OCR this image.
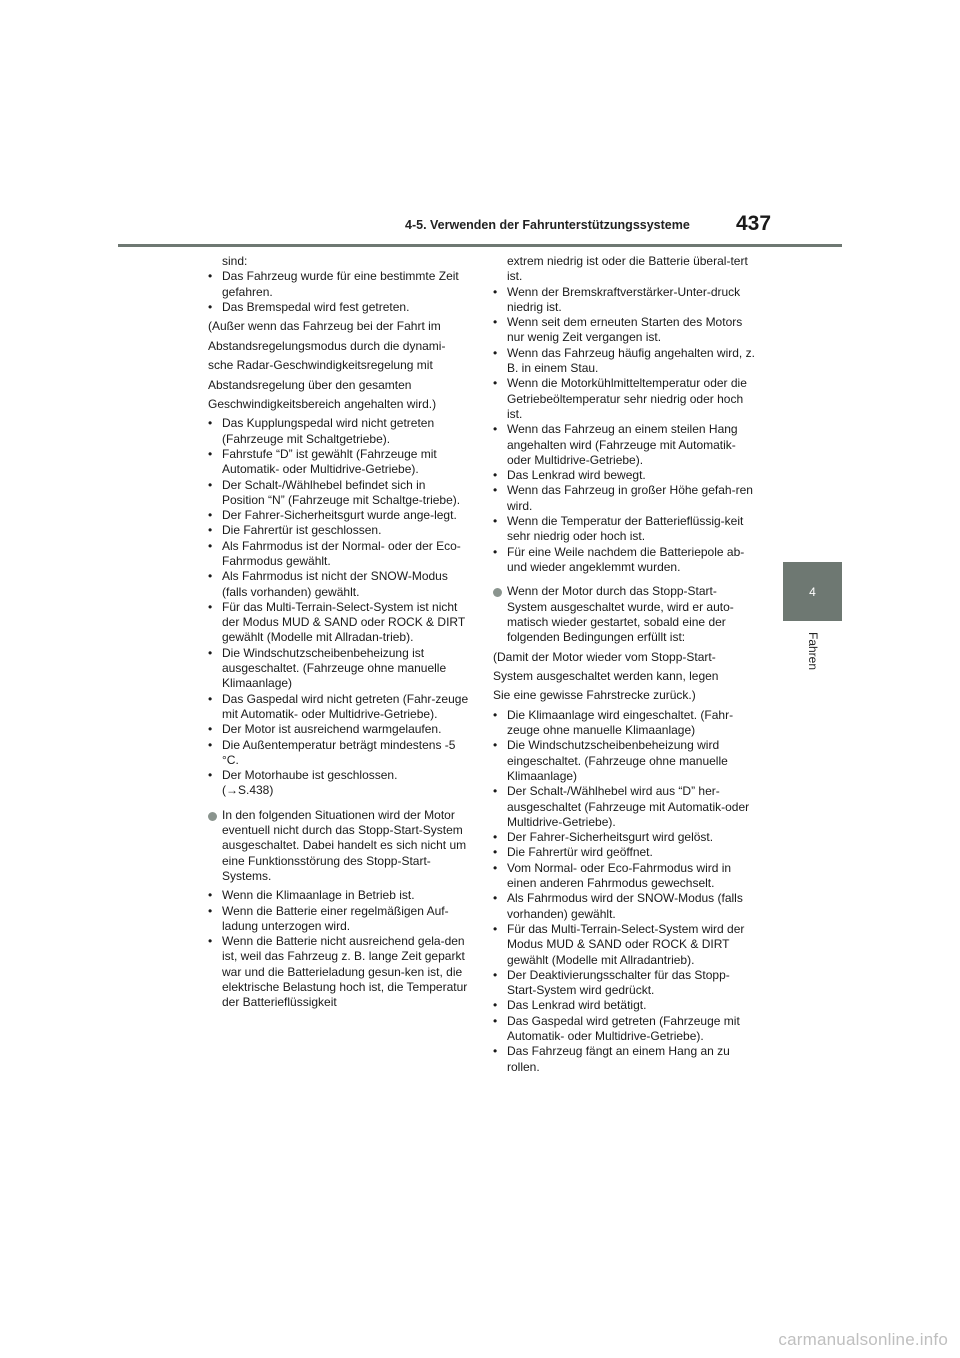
4-5. Verwenden der Fahrunterstützungssysteme 437
4
Fahren

sind:

• Das Fahrzeug wurde für eine bestimmte Zeit gefahren.

• Das Bremspedal wird fest getreten.

(Außer wenn das Fahrzeug bei der Fahrt im

Abstandsregelungsmodus durch die dynami-

sche Radar-Geschwindigkeitsregelung mit

Abstandsregelung über den gesamten

Geschwindigkeitsbereich angehalten wird.)

• Das Kupplungspedal wird nicht getreten (Fahrzeuge mit Schaltgetriebe).

• Fahrstufe “D” ist gewählt (Fahrzeuge mit Automatik- oder Multidrive-Getriebe).

• Der Schalt-/Wählhebel befindet sich in Position “N” (Fahrzeuge mit Schaltge-triebe).

• Der Fahrer-Sicherheitsgurt wurde ange-legt.

• Die Fahrertür ist geschlossen.

• Als Fahrmodus ist der Normal- oder der Eco-Fahrmodus gewählt.

• Als Fahrmodus ist nicht der SNOW-Modus (falls vorhanden) gewählt.

• Für das Multi-Terrain-Select-System ist nicht der Modus MUD & SAND oder ROCK & DIRT gewählt (Modelle mit Allradan-trieb).

• Die Windschutzscheibenbeheizung ist ausgeschaltet. (Fahrzeuge ohne manuelle Klimaanlage)

• Das Gaspedal wird nicht getreten (Fahr-zeuge mit Automatik- oder Multidrive-Getriebe).

• Der Motor ist ausreichend warmgelaufen.

• Die Außentemperatur beträgt mindestens -5 °C.

• Der Motorhaube ist geschlossen.

(→S.438)

In den folgenden Situationen wird der Motor eventuell nicht durch das Stopp-Start-System ausgeschaltet. Dabei handelt es sich nicht um eine Funktionsstörung des Stopp-Start-Systems.

• Wenn die Klimaanlage in Betrieb ist.

• Wenn die Batterie einer regelmäßigen Auf-ladung unterzogen wird.

• Wenn die Batterie nicht ausreichend gela-den ist, weil das Fahrzeug z. B. lange Zeit geparkt war und die Batterieladung gesun-ken ist, die elektrische Belastung hoch ist, die Temperatur der Batterieflüssigkeit

extrem niedrig ist oder die Batterie überal-tert ist.

• Wenn der Bremskraftverstärker-Unter-druck niedrig ist.

• Wenn seit dem erneuten Starten des Motors nur wenig Zeit vergangen ist.

• Wenn das Fahrzeug häufig angehalten wird, z. B. in einem Stau.

• Wenn die Motorkühlmitteltemperatur oder die Getriebeöltemperatur sehr niedrig oder hoch ist.

• Wenn das Fahrzeug an einem steilen Hang angehalten wird (Fahrzeuge mit Automatik- oder Multidrive-Getriebe).

• Das Lenkrad wird bewegt.

• Wenn das Fahrzeug in großer Höhe gefah-ren wird.

• Wenn die Temperatur der Batterieflüssig-keit sehr niedrig oder hoch ist.

• Für eine Weile nachdem die Batteriepole ab- und wieder angeklemmt wurden.

Wenn der Motor durch das Stopp-Start-System ausgeschaltet wurde, wird er auto-matisch wieder gestartet, sobald eine der folgenden Bedingungen erfüllt ist:

(Damit der Motor wieder vom Stopp-Start-

System ausgeschaltet werden kann, legen

Sie eine gewisse Fahrstrecke zurück.)

• Die Klimaanlage wird eingeschaltet. (Fahr-zeuge ohne manuelle Klimaanlage)

• Die Windschutzscheibenbeheizung wird eingeschaltet. (Fahrzeuge ohne manuelle Klimaanlage)

• Der Schalt-/Wählhebel wird aus “D” her-ausgeschaltet (Fahrzeuge mit Automatik-oder Multidrive-Getriebe).

• Der Fahrer-Sicherheitsgurt wird gelöst.

• Die Fahrertür wird geöffnet.

• Vom Normal- oder Eco-Fahrmodus wird in einen anderen Fahrmodus gewechselt.

• Als Fahrmodus wird der SNOW-Modus (falls vorhanden) gewählt.

• Für das Multi-Terrain-Select-System wird der Modus MUD & SAND oder ROCK & DIRT gewählt (Modelle mit Allradantrieb).

• Der Deaktivierungsschalter für das Stopp-Start-System wird gedrückt.

• Das Lenkrad wird betätigt.

• Das Gaspedal wird getreten (Fahrzeuge mit Automatik- oder Multidrive-Getriebe).

• Das Fahrzeug fängt an einem Hang an zu rollen.

carmanualsonline.info
